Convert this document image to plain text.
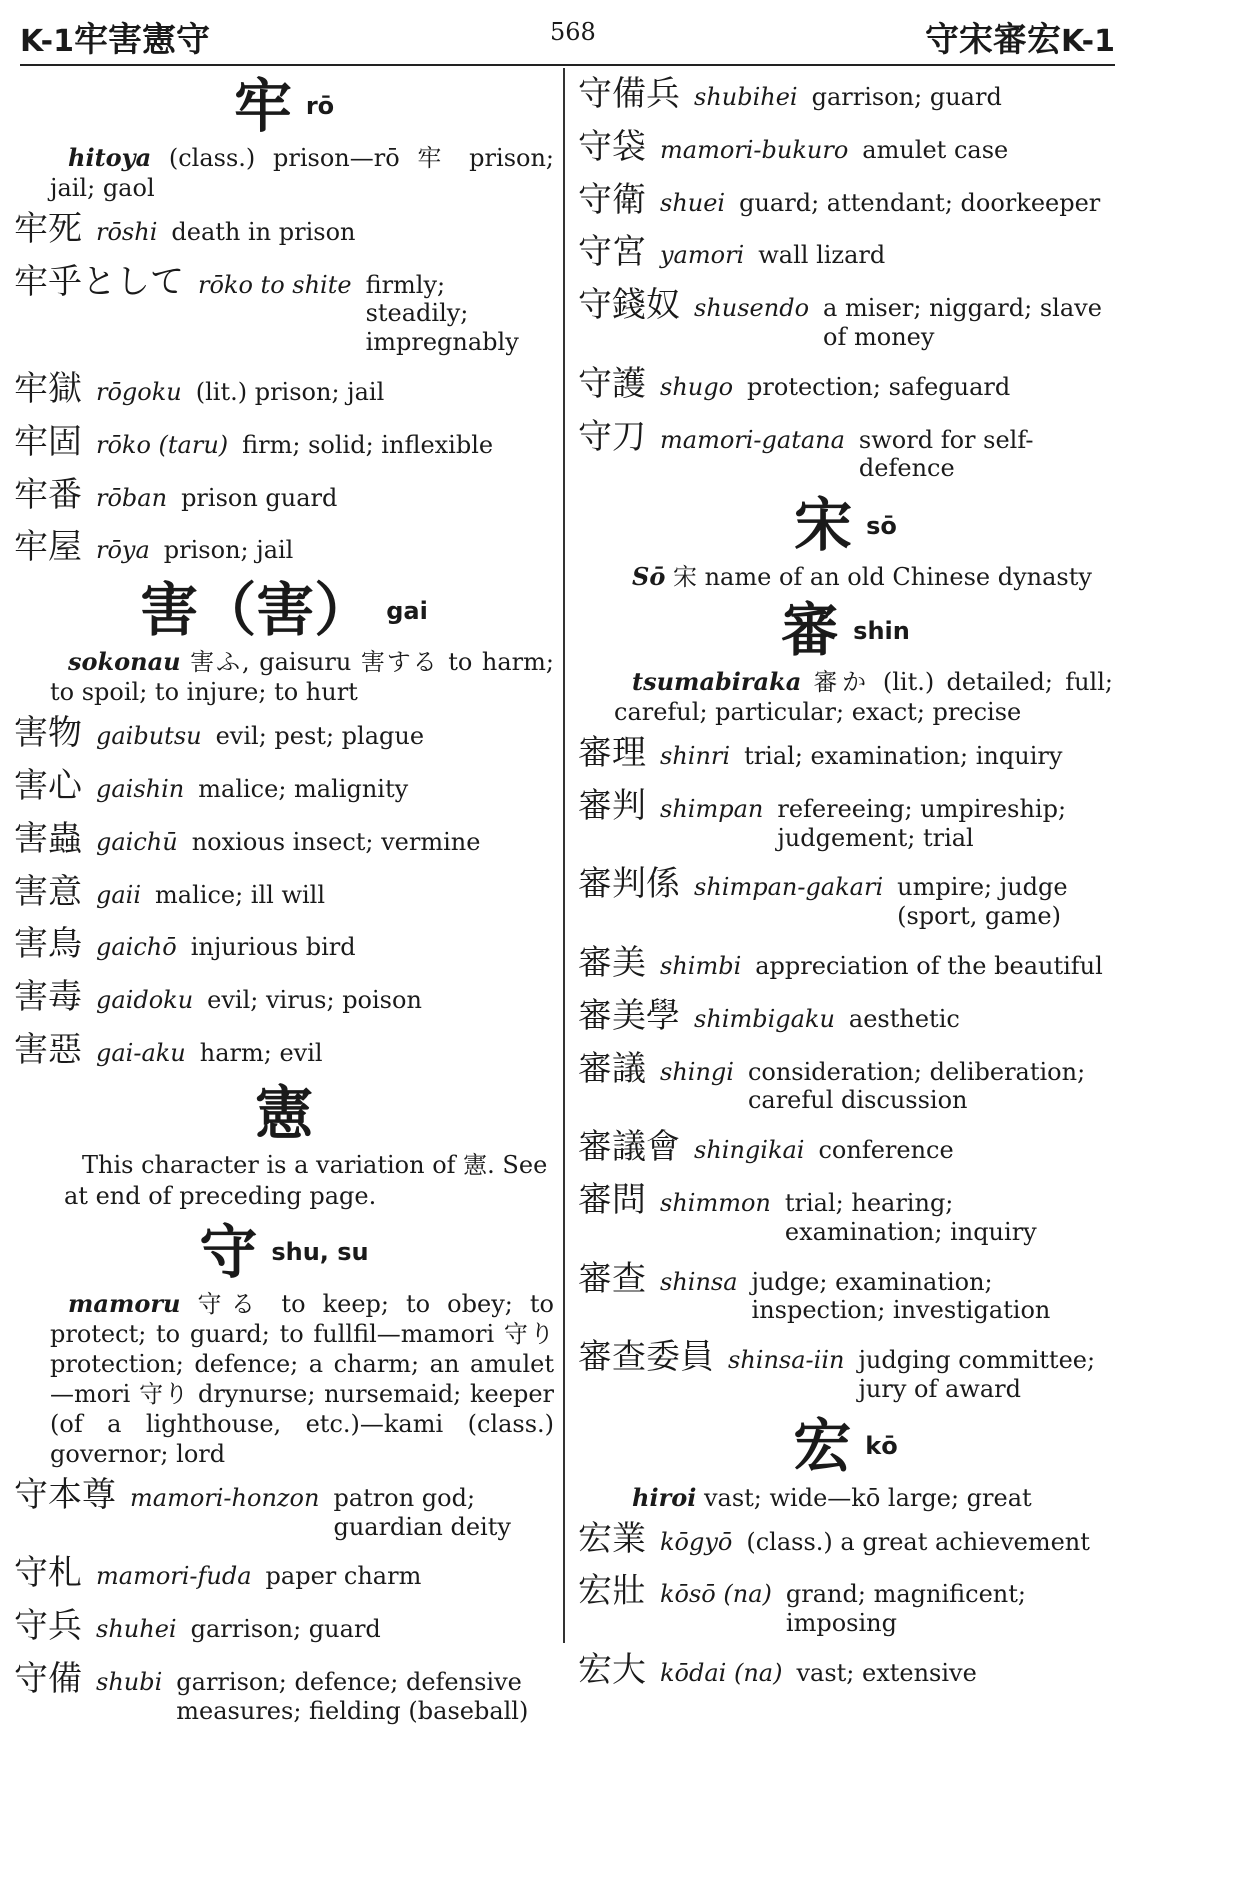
K-1牢害憲守	568	守宋審宏K-1
牢rō
hitoya (class.) prison—rō 牢 prison; jail; gaol
牢死 rōshi death in prison
牢乎として rōko to shite firmly; steadily; impregnably
牢獄 rōgoku (lit.) prison; jail
牢固 rōko (taru) firm; solid; inflexible
牢番 rōban prison guard
牢屋 rōya prison; jail
害（害） gai
sokonau 害ふ, gaisuru 害する to harm; to spoil; to injure; to hurt
害物 gaibutsu evil; pest; plague
害心 gaishin malice; malignity
害蟲 gaichū noxious insect; vermine
害意 gaii malice; ill will
害鳥 gaichō injurious bird
害毒 gaidoku evil; virus; poison
害惡 gai-aku harm; evil
憲
This character is a variation of 憲. See at end of preceding page.
守shu, su
mamoru 守る to keep; to obey; to protect; to guard; to fullfil—mamori 守り protection; defence; a charm; an amulet—mori 守り drynurse; nursemaid; keeper (of a lighthouse, etc.)—kami (class.) governor; lord
守本尊 mamori-honzon patron god; guardian deity
守札 mamori-fuda paper charm
守兵 shuhei garrison; guard
守備 shubi garrison; defence; defensive measures; fielding (baseball)
守備兵 shubihei garrison; guard
守袋 mamori-bukuro amulet case
守衛 shuei guard; attendant; doorkeeper
守宮 yamori wall lizard
守錢奴 shusendo a miser; niggard; slave of money
守護 shugo protection; safeguard
守刀 mamori-gatana sword for self-defence
宋sō
Sō 宋 name of an old Chinese dynasty
審shin
tsumabiraka 審か (lit.) detailed; full; careful; particular; exact; precise
審理 shinri trial; examination; inquiry
審判 shimpan refereeing; umpireship; judgement; trial
審判係 shimpan-gakari umpire; judge (sport, game)
審美 shimbi appreciation of the beautiful
審美學 shimbigaku aesthetic
審議 shingi consideration; deliberation; careful discussion
審議會 shingikai conference
審問 shimmon trial; hearing; examination; inquiry
審查 shinsa judge; examination; inspection; investigation
審查委員 shinsa-iin judging committee; jury of award
宏kō
hiroi vast; wide—kō large; great
宏業 kōgyō (class.) a great achievement
宏壯 kōsō (na) grand; magnificent; imposing
宏大 kōdai (na) vast; extensive
